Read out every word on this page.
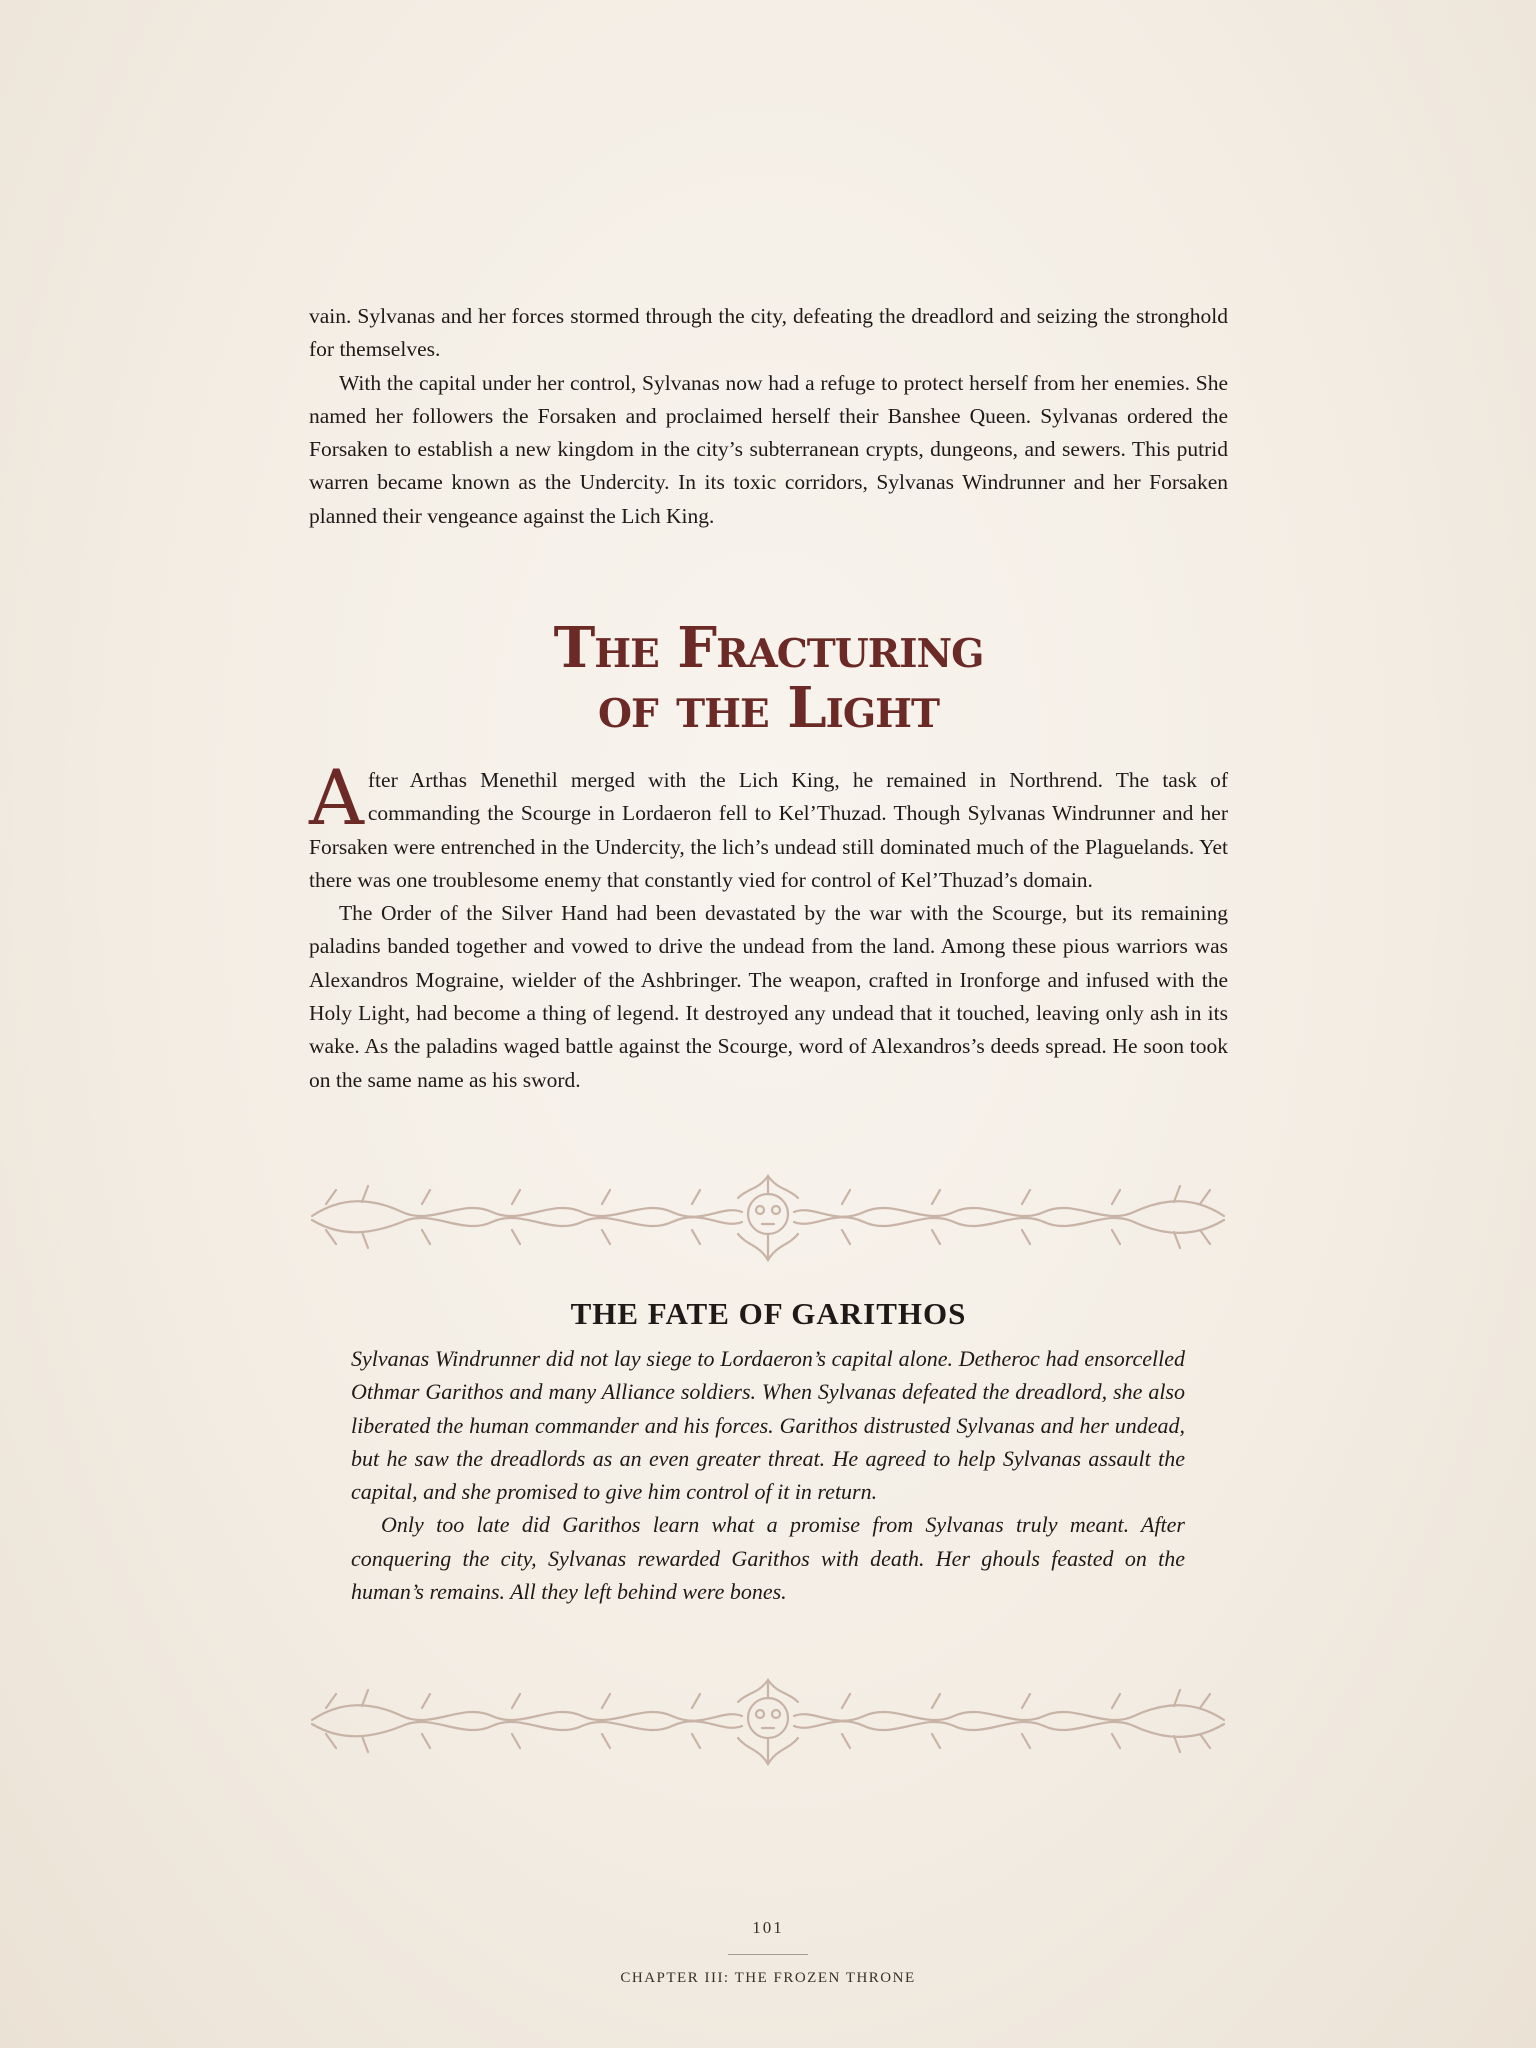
vain. Sylvanas and her forces stormed through the city, defeating the dreadlord and seizing the stronghold for themselves.

With the capital under her control, Sylvanas now had a refuge to protect herself from her enemies. She named her followers the Forsaken and proclaimed herself their Banshee Queen. Sylvanas ordered the Forsaken to establish a new kingdom in the city’s subterranean crypts, dungeons, and sewers. This putrid warren became known as the Undercity. In its toxic corridors, Sylvanas Windrunner and her Forsaken planned their vengeance against the Lich King.

The Fracturing
of the Light

After Arthas Menethil merged with the Lich King, he remained in Northrend. The task of commanding the Scourge in Lordaeron fell to Kel’Thuzad. Though Sylvanas Windrunner and her Forsaken were entrenched in the Undercity, the lich’s undead still dominated much of the Plaguelands. Yet there was one troublesome enemy that constantly vied for control of Kel’Thuzad’s domain.

The Order of the Silver Hand had been devastated by the war with the Scourge, but its remaining paladins banded together and vowed to drive the undead from the land. Among these pious warriors was Alexandros Mograine, wielder of the Ashbringer. The weapon, crafted in Ironforge and infused with the Holy Light, had become a thing of legend. It destroyed any undead that it touched, leaving only ash in its wake. As the paladins waged battle against the Scourge, word of Alexandros’s deeds spread. He soon took on the same name as his sword.

THE FATE OF GARITHOS

Sylvanas Windrunner did not lay siege to Lordaeron’s capital alone. Detheroc had ensorcelled Othmar Garithos and many Alliance soldiers. When Sylvanas defeated the dreadlord, she also liberated the human commander and his forces. Garithos distrusted Sylvanas and her undead, but he saw the dreadlords as an even greater threat. He agreed to help Sylvanas assault the capital, and she promised to give him control of it in return.

Only too late did Garithos learn what a promise from Sylvanas truly meant. After conquering the city, Sylvanas rewarded Garithos with death. Her ghouls feasted on the human’s remains. All they left behind were bones.

101

CHAPTER III: THE FROZEN THRONE
